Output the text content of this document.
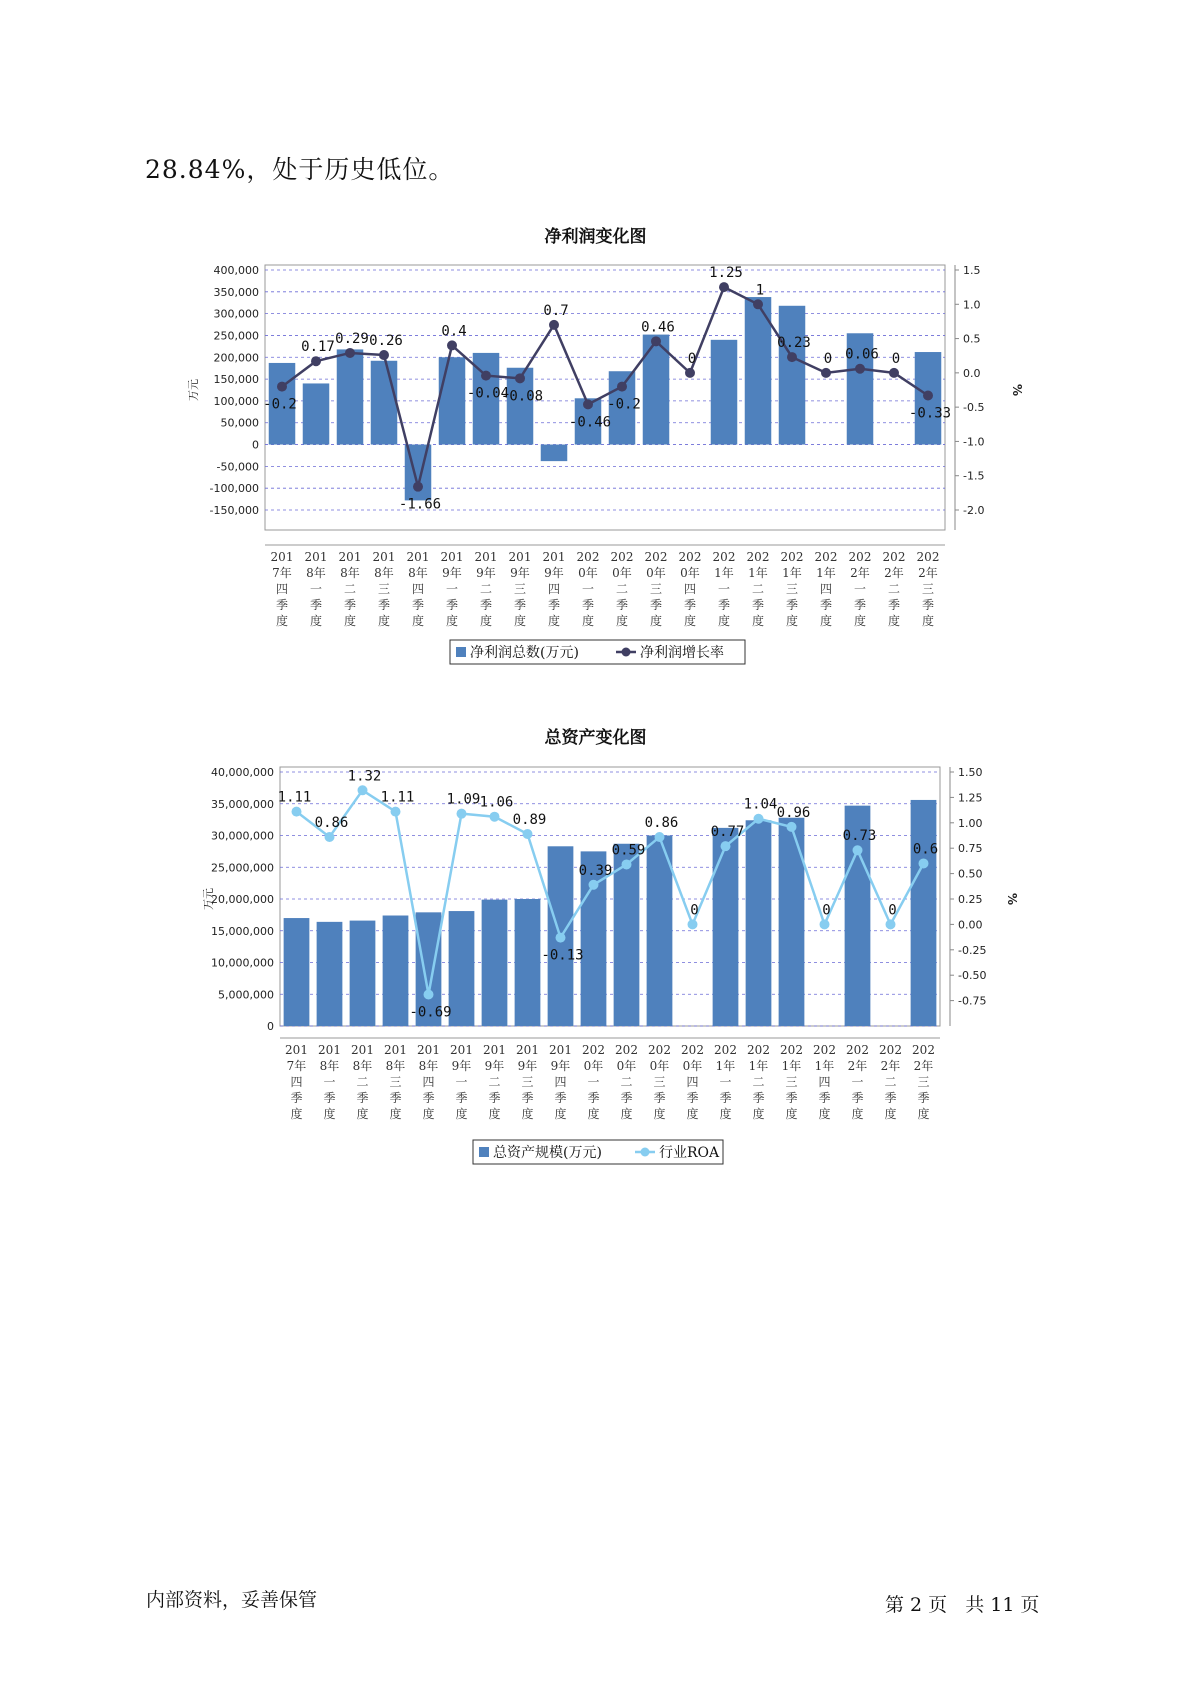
28.84%，处于历史低位。
净利润变化图
400,000
350,000
300,000
250,000
200,000
150,000
100,000
50,000
0
-50,000
-100,000
-150,000
1.5
1.0
0.5
0.0
-0.5
-1.0
-1.5
-2.0
万元	%
-0.2
0.17
0.29 0.26
-1.66
0.4
-0.04
-0.08
0.7
-0.46
-0.2
0.46
0
1.25
1
0.23
0 0.06 0
-0.33
201 7年四季度
201 8年一季度
201 8年二季度
201 8年三季度
201 8年四季度
201 9年一季度
201 9年二季度
201 9年三季度
201 9年四季度
202 0年一季度
202 0年二季度
202 0年三季度
202 0年四季度
202 1年一季度
202 1年二季度
202 1年三季度
202 1年四季度
202 2年一季度
202 2年二季度
202 2年三季度
净利润总数(万元)	净利润增长率
总资产变化图
40,000,000
35,000,000
30,000,000
25,000,000
20,000,000
15,000,000
10,000,000
5,000,000
0
1.50
1.25
1.00
0.75
0.50
0.25
0.00
-0.25
-0.50
-0.75
万元	%
1.11
0.86
1.32
1.11
-0.69
1.09 1.06
0.89
-0.13
0.39
0.59
0.86
0
0.77
1.04
0.96
0
0.73
0
0.6
201 7年四季度
201 8年一季度
201 8年二季度
201 8年三季度
201 8年四季度
201 9年一季度
201 9年二季度
201 9年三季度
201 9年四季度
202 0年一季度
202 0年二季度
202 0年三季度
202 0年四季度
202 1年一季度
202 1年二季度
202 1年三季度
202 1年四季度
202 2年一季度
202 2年二季度
202 2年三季度
总资产规模(万元)	行业ROA
内部资料，妥善保管	第 2 页 共 11 页
